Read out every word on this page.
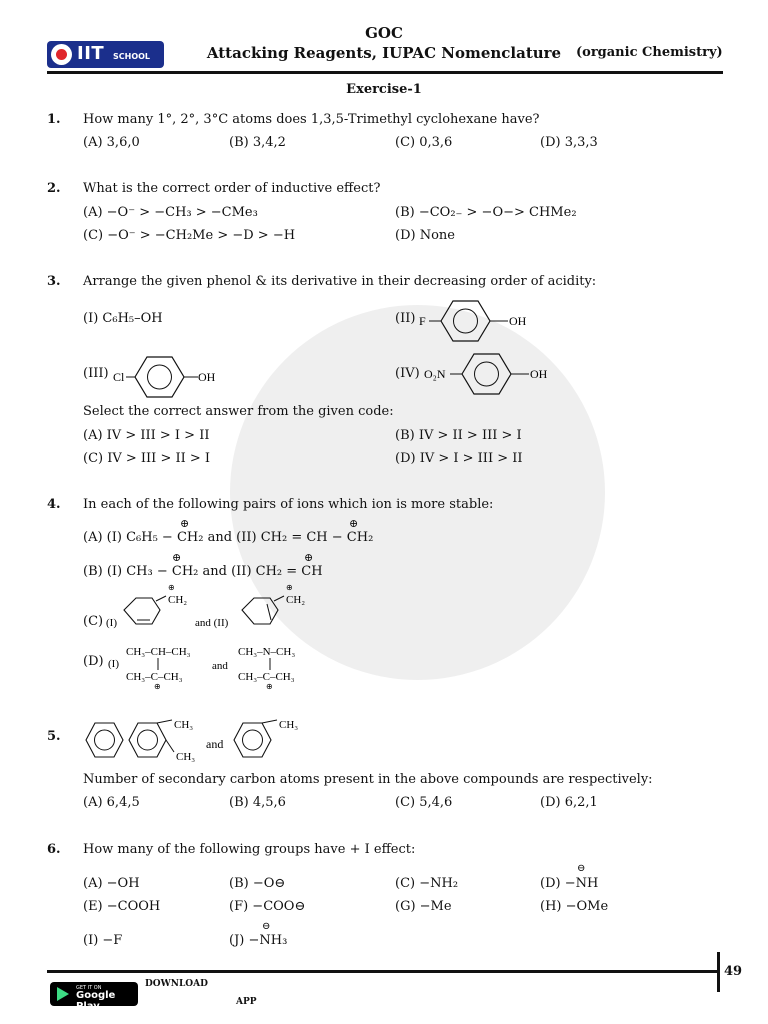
GOC
Attacking Reagents, IUPAC Nomenclature	(organic Chemistry)
IIT SCHOOL
Exercise-1
1. How many 1°, 2°, 3°C atoms does 1,3,5-Trimethyl cyclohexane have?
(A) 3,6,0	(B) 3,4,2	(C) 0,3,6	(D) 3,3,3
2. What is the correct order of inductive effect?
(A) −O⁻ > −CH₃ > −CMe₃	(B) −CO₂₋ > −O−> CHMe₂
(C) −O⁻ > −CH₂Me > −D > −H	(D) None
3. Arrange the given phenol & its derivative in their decreasing order of acidity:
(I) C₆H₅–OH	(II) F	OH
(III) Cl	OH	(IV) O₂N	OH
Select the correct answer from the given code:
(A) IV > III > I > II	(B) IV > II > III > I
(C) IV > III > II > I	(D) IV > I > III > II
4. In each of the following pairs of ions which ion is more stable:
⊕	⊕
(A) (I) C₆H₅ − CH₂ and (II) CH₂ = CH − CH₂
⊕	⊕
(B) (I) CH₃ − CH₂ and (II) CH₂ = CH
(C) (I)
⊕
CH₂
and (II)
⊕
CH₂
(D) (I)
CH₃–CH–CH₃
CH₃–C–CH₃
⊕
and
CH₃–N–CH₃
CH₃–C–CH₃
⊕
5.
CH₃
CH₃
and
CH₃
Number of secondary carbon atoms present in the above compounds are respectively:
(A) 6,4,5	(B) 4,5,6	(C) 5,4,6	(D) 6,2,1
6. How many of the following groups have + I effect:
(A) −OH	(B) −O⊖	(C) −NH₂
⊖
(D) −NH
(E) −COOH	(F) −COO⊖	(G) −Me	(H) −OMe
(I) −F
⊖
(J) −NH₃
49
GET IT ON
Google Play
DOWNLOAD
APP
